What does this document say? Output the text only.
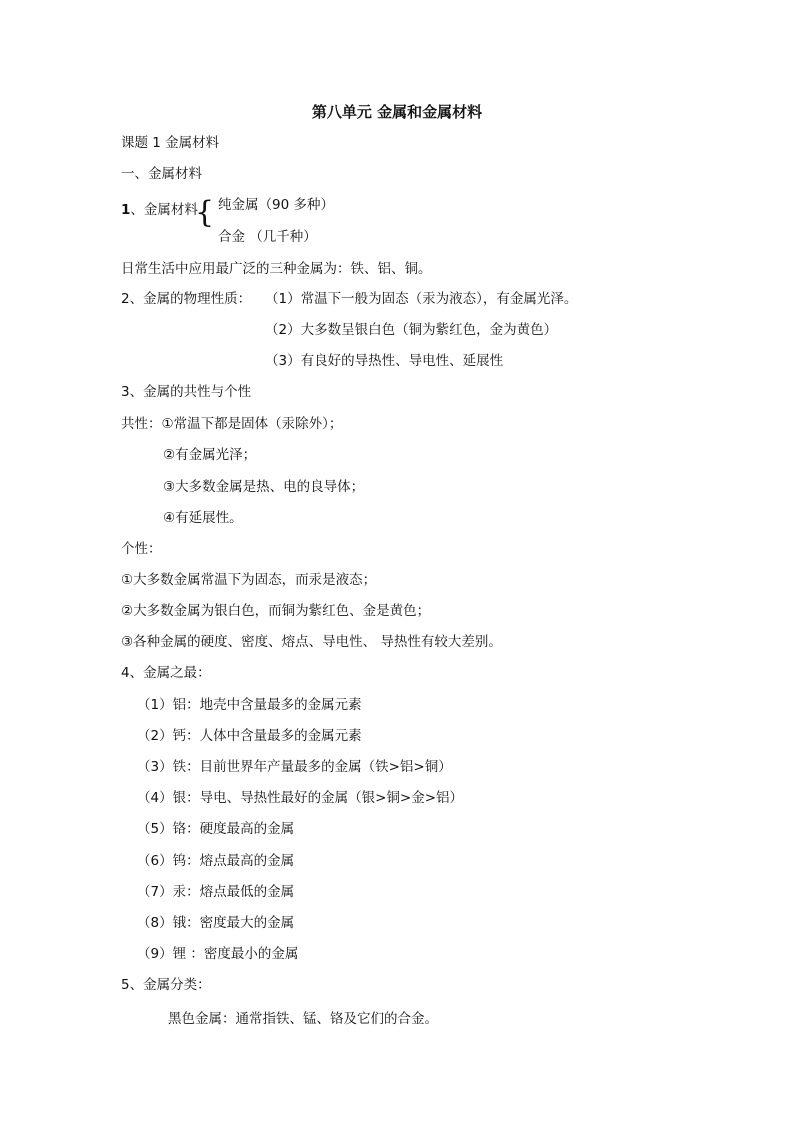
第八单元 金属和金属材料
课题 1 金属材料
一、金属材料
1、金属材料
{ 纯金属（90 多种）
合金 （几千种）
日常生活中应用最广泛的三种金属为：铁、铝、铜。
2、金属的物理性质： （1）常温下一般为固态（汞为液态），有金属光泽。
（2）大多数呈银白色（铜为紫红色，金为黄色）
（3）有良好的导热性、导电性、延展性
3、金属的共性与个性
共性：①常温下都是固体（汞除外）；
②有金属光泽；
③大多数金属是热、电的良导体；
④有延展性。
个性：
①大多数金属常温下为固态，而汞是液态；
②大多数金属为银白色，而铜为紫红色、金是黄色；
③各种金属的硬度、密度、熔点、导电性、 导热性有较大差别。
4、金属之最：
（1）铝：地壳中含量最多的金属元素
（2）钙：人体中含量最多的金属元素
（3）铁：目前世界年产量最多的金属（铁>铝>铜）
（4）银：导电、导热性最好的金属（银>铜>金>铝）
（5）铬：硬度最高的金属
（6）钨：熔点最高的金属
（7）汞：熔点最低的金属
（8）锇：密度最大的金属
（9）锂 ：密度最小的金属
5、金属分类：
黑色金属：通常指铁、锰、铬及它们的合金。
